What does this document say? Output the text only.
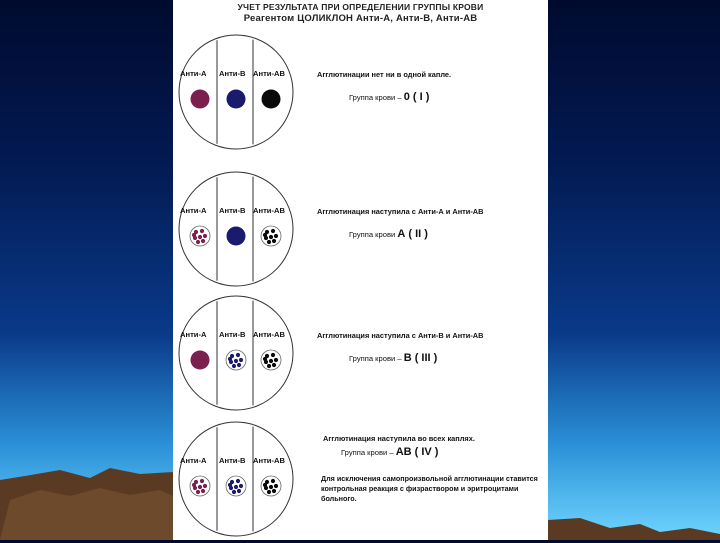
УЧЕТ РЕЗУЛЬТАТА ПРИ ОПРЕДЕЛЕНИИ ГРУППЫ КРОВИ
Реагентом ЦОЛИКЛОН Анти-А, Анти-В, Анти-АВ
Анти-А Анти-В Анти-АВ	Агглютинации нет ни в одной капле.
Группа крови – 0 ( I )
Анти-А Анти-В Анти-АВ	Агглютинация наступила с Анти-А и Анти-АВ
Группа крови А ( II )
Анти-А Анти-В Анти-АВ	Агглютинация наступила с Анти-В и Анти-АВ
Группа крови – В ( III )
Анти-А Анти-В Анти-АВ
Агглютинация наступила во всех каплях.
Группа крови – АВ ( IV )
Для исключения самопроизвольной агглютинации ставится контрольная реакция с физраствором и эритроцитами больного.
